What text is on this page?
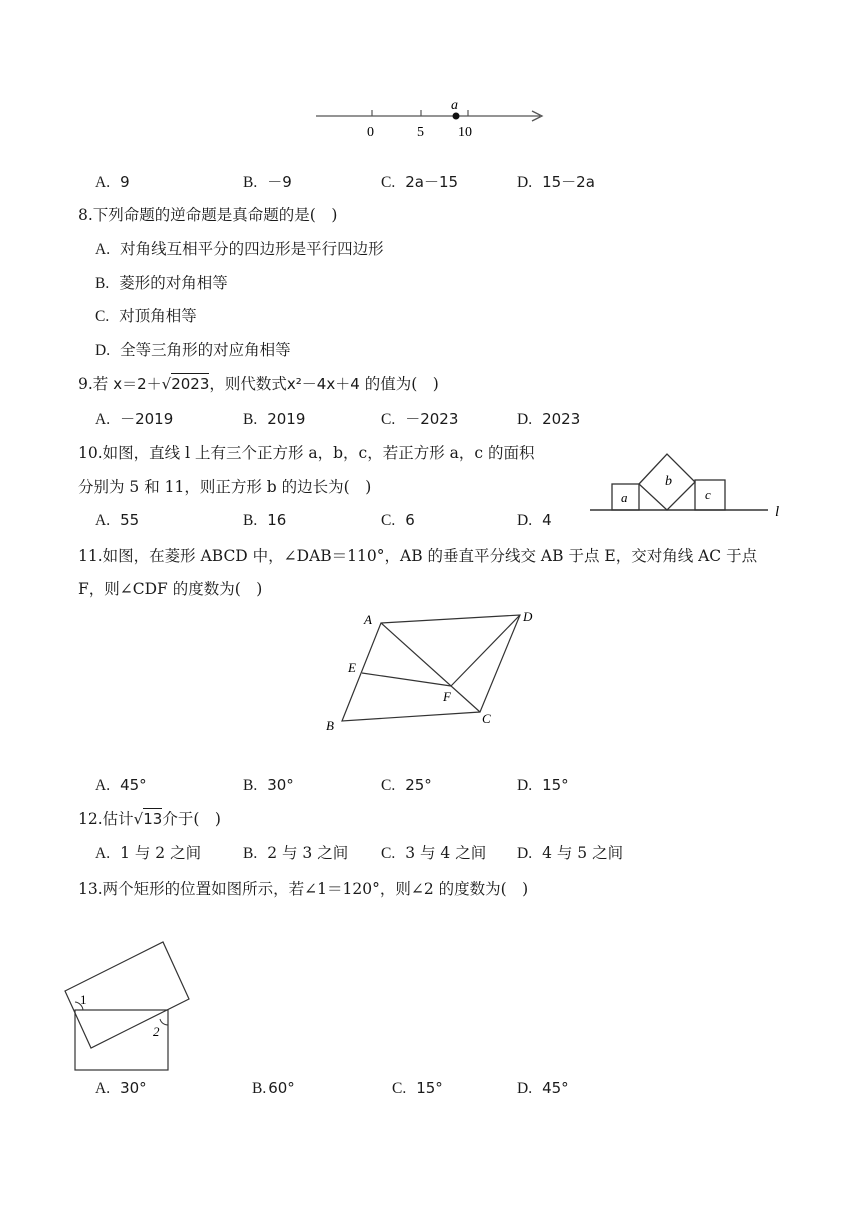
a
0	5 10
A. 9	B. －9	C. 2a－15	D. 15－2a
8.下列命题的逆命题是真命题的是(　)
A. 对角线互相平分的四边形是平行四边形
B. 菱形的对角相等
C. 对顶角相等
D. 全等三角形的对应角相等
9.若 x＝2＋√2023，则代数式x²－4x＋4 的值为(　)
A. －2019	B. 2019	C. －2023	D. 2023
10.如图，直线 l 上有三个正方形 a，b，c，若正方形 a，c 的面积
分别为 5 和 11，则正方形 b 的边长为(　)
A. 55	B. 16	C. 6	D. 4	l
a
b
c
11.如图，在菱形 ABCD 中，∠DAB＝110°，AB 的垂直平分线交 AB 于点 E，交对角线 AC 于点
F，则∠CDF 的度数为(　)
A	D
E
F
B	C
A. 45°	B. 30°	C. 25°	D. 15°
12.估计√13介于(　)
A. 1 与 2 之间	B. 2 与 3 之间 C. 3 与 4 之间 D. 4 与 5 之间
13.两个矩形的位置如图所示，若∠1＝120°，则∠2 的度数为(　)
1
2
A. 30°	B. 60°	C. 15°	D. 45°
